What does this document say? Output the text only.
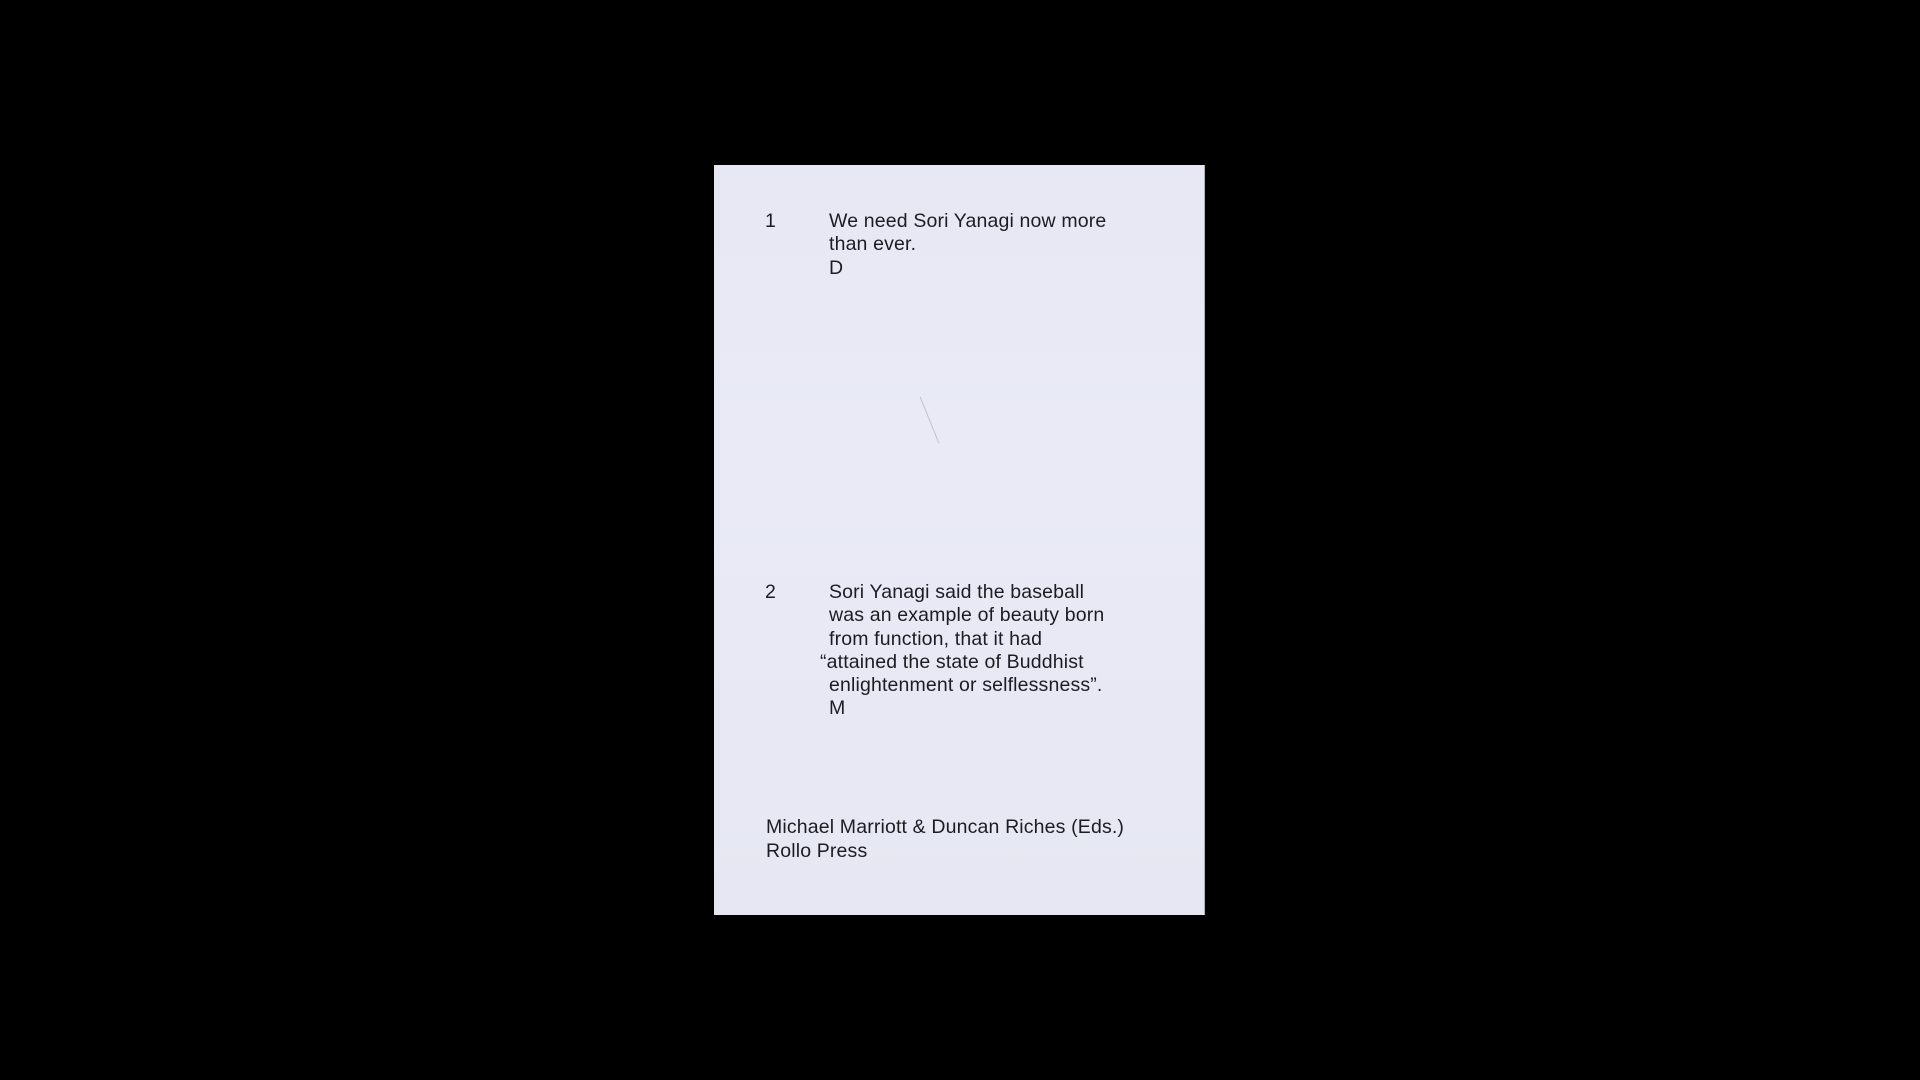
1	We need Sori Yanagi now more
than ever.
D
2	Sori Yanagi said the baseball
was an example of beauty born
from function, that it had
“attained the state of Buddhist
enlightenment or selflessness”.
M
Michael Marriott & Duncan Riches (Eds.)
Rollo Press
